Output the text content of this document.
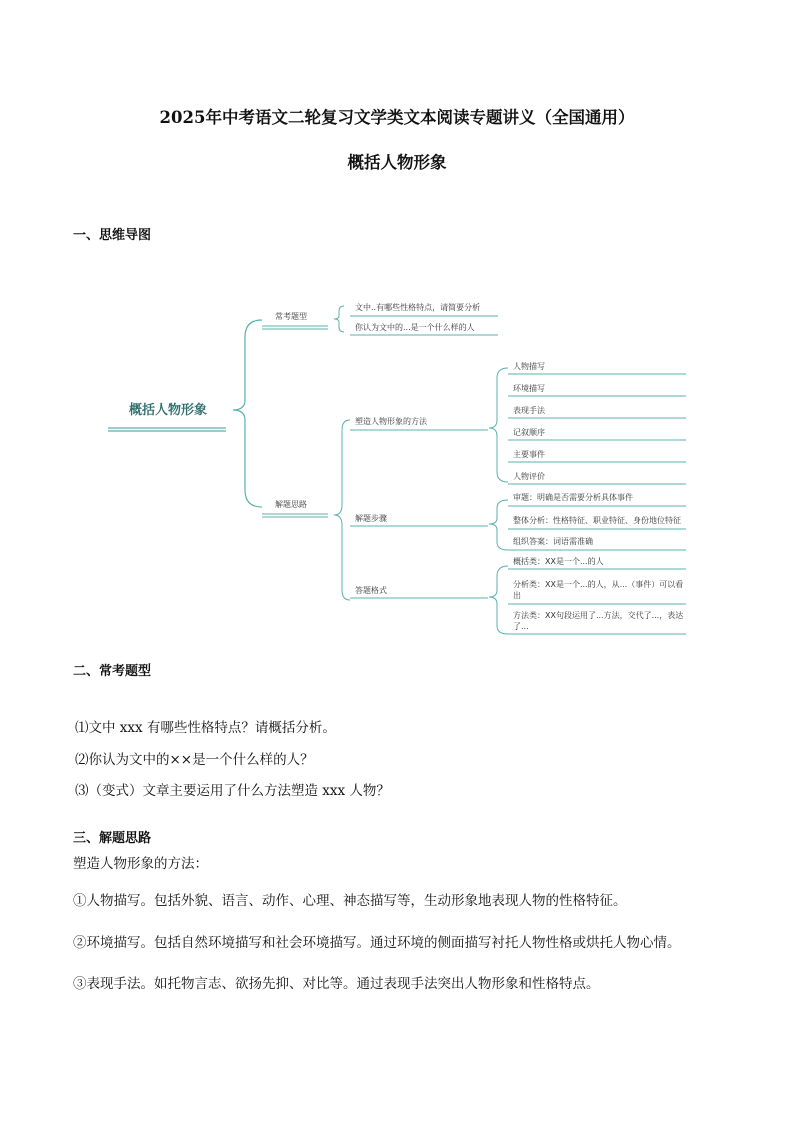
2025年中考语文二轮复习文学类文本阅读专题讲义（全国通用）
概括人物形象
一、思维导图
概括人物形象
常考题型
解题思路
文中..有哪些性格特点，请简要分析
你认为文中的...是一个什么样的人
塑造人物形象的方法
人物描写
环境描写
表现手法
记叙顺序
主要事件
人物评价
解题步骤
审题：明确是否需要分析具体事件
整体分析：性格特征、职业特征、身份地位特征
组织答案：词语需准确
答题格式
概括类：XX是一个...的人
分析类：XX是一个...的人，从...（事件）可以看
出
方法类：XX句段运用了...方法，交代了...，表达
了...
二、常考题型
⑴文中 xxx 有哪些性格特点？请概括分析。
⑵你认为文中的××是一个什么样的人？
⑶（变式）文章主要运用了什么方法塑造 xxx 人物？
三、解题思路
塑造人物形象的方法：
①人物描写。包括外貌、语言、动作、心理、神态描写等，生动形象地表现人物的性格特征。
②环境描写。包括自然环境描写和社会环境描写。通过环境的侧面描写衬托人物性格或烘托人物心情。
③表现手法。如托物言志、欲扬先抑、对比等。通过表现手法突出人物形象和性格特点。
